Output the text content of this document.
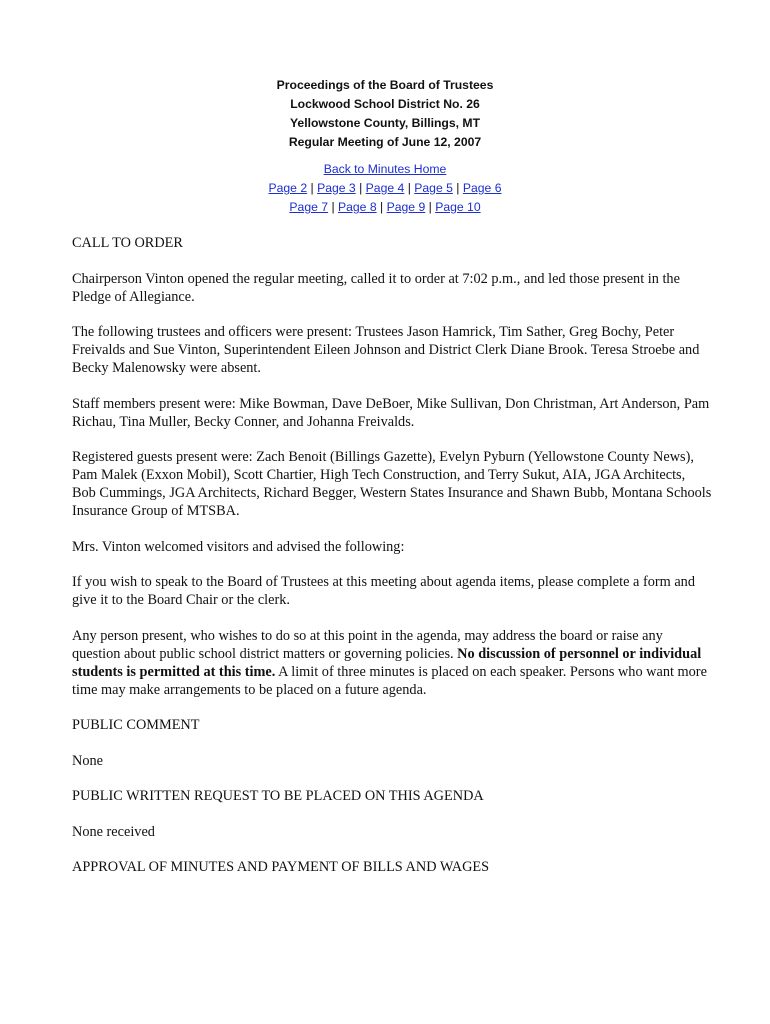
Proceedings of the Board of Trustees
Lockwood School District No. 26
Yellowstone County, Billings, MT
Regular Meeting of June 12, 2007
Back to Minutes Home
Page 2 | Page 3 | Page 4 | Page 5 | Page 6
Page 7 | Page 8 | Page 9 | Page 10

CALL TO ORDER

Chairperson Vinton opened the regular meeting, called it to order at 7:02 p.m., and led those present in the Pledge of Allegiance.

The following trustees and officers were present: Trustees Jason Hamrick, Tim Sather, Greg Bochy, Peter Freivalds and Sue Vinton, Superintendent Eileen Johnson and District Clerk Diane Brook. Teresa Stroebe and Becky Malenowsky were absent.

Staff members present were: Mike Bowman, Dave DeBoer, Mike Sullivan, Don Christman, Art Anderson, Pam Richau, Tina Muller, Becky Conner, and Johanna Freivalds.

Registered guests present were: Zach Benoit (Billings Gazette), Evelyn Pyburn (Yellowstone County News), Pam Malek (Exxon Mobil), Scott Chartier, High Tech Construction, and Terry Sukut, AIA, JGA Architects, Bob Cummings, JGA Architects, Richard Begger, Western States Insurance and Shawn Bubb, Montana Schools Insurance Group of MTSBA.

Mrs. Vinton welcomed visitors and advised the following:

If you wish to speak to the Board of Trustees at this meeting about agenda items, please complete a form and give it to the Board Chair or the clerk.

Any person present, who wishes to do so at this point in the agenda, may address the board or raise any question about public school district matters or governing policies. No discussion of personnel or individual students is permitted at this time. A limit of three minutes is placed on each speaker. Persons who want more time may make arrangements to be placed on a future agenda.

PUBLIC COMMENT

None

PUBLIC WRITTEN REQUEST TO BE PLACED ON THIS AGENDA

None received

APPROVAL OF MINUTES AND PAYMENT OF BILLS AND WAGES
